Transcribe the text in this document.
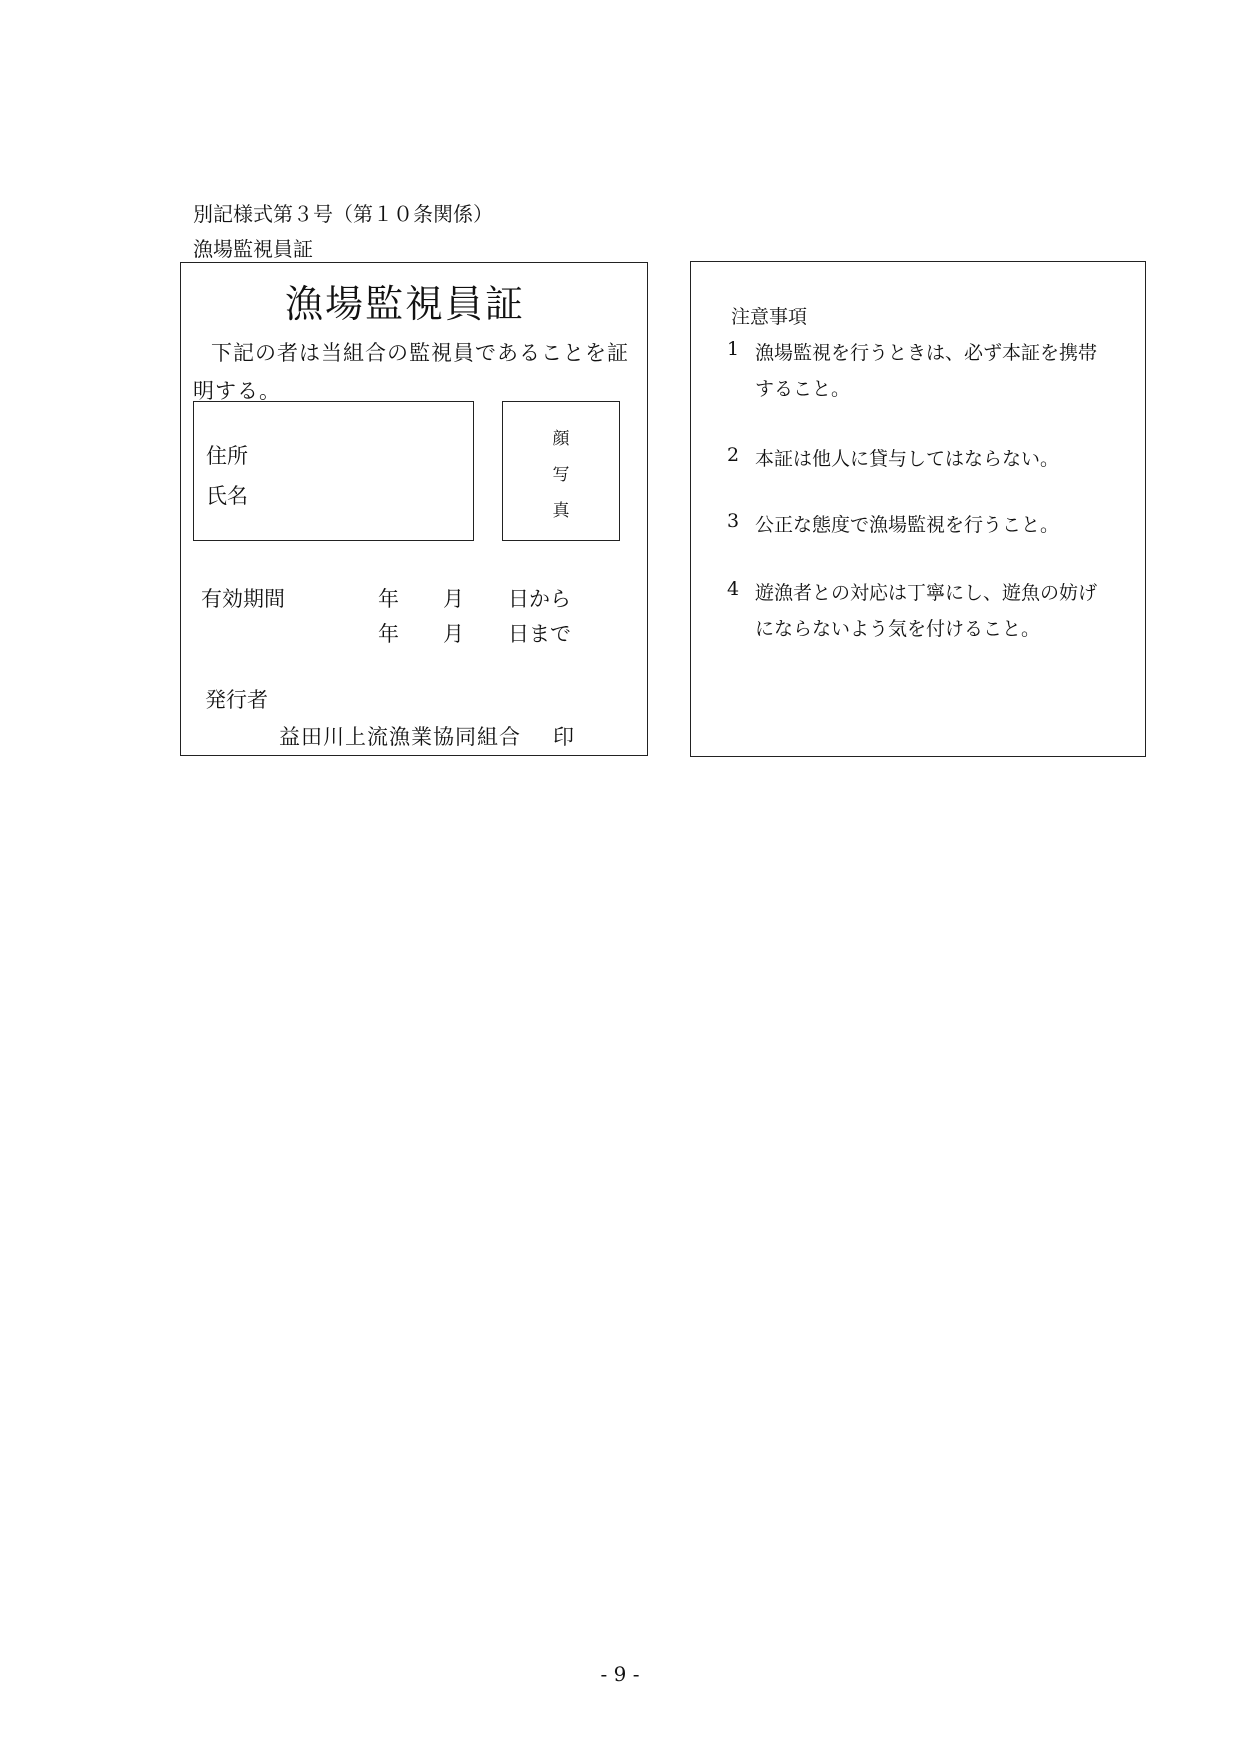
別記様式第３号（第１０条関係）
漁場監視員証
漁場監視員証
下記の者は当組合の監視員であることを証
明する。
住所
氏名
顔
写
真
有効期間	年 月 日から
年 月 日まで
発行者
益田川上流漁業協同組合 印
注意事項
1 漁場監視を行うときは、必ず本証を携帯
すること。
2 本証は他人に貸与してはならない。
3 公正な態度で漁場監視を行うこと。
4 遊漁者との対応は丁寧にし、遊魚の妨げ
にならないよう気を付けること。
- 9 -
